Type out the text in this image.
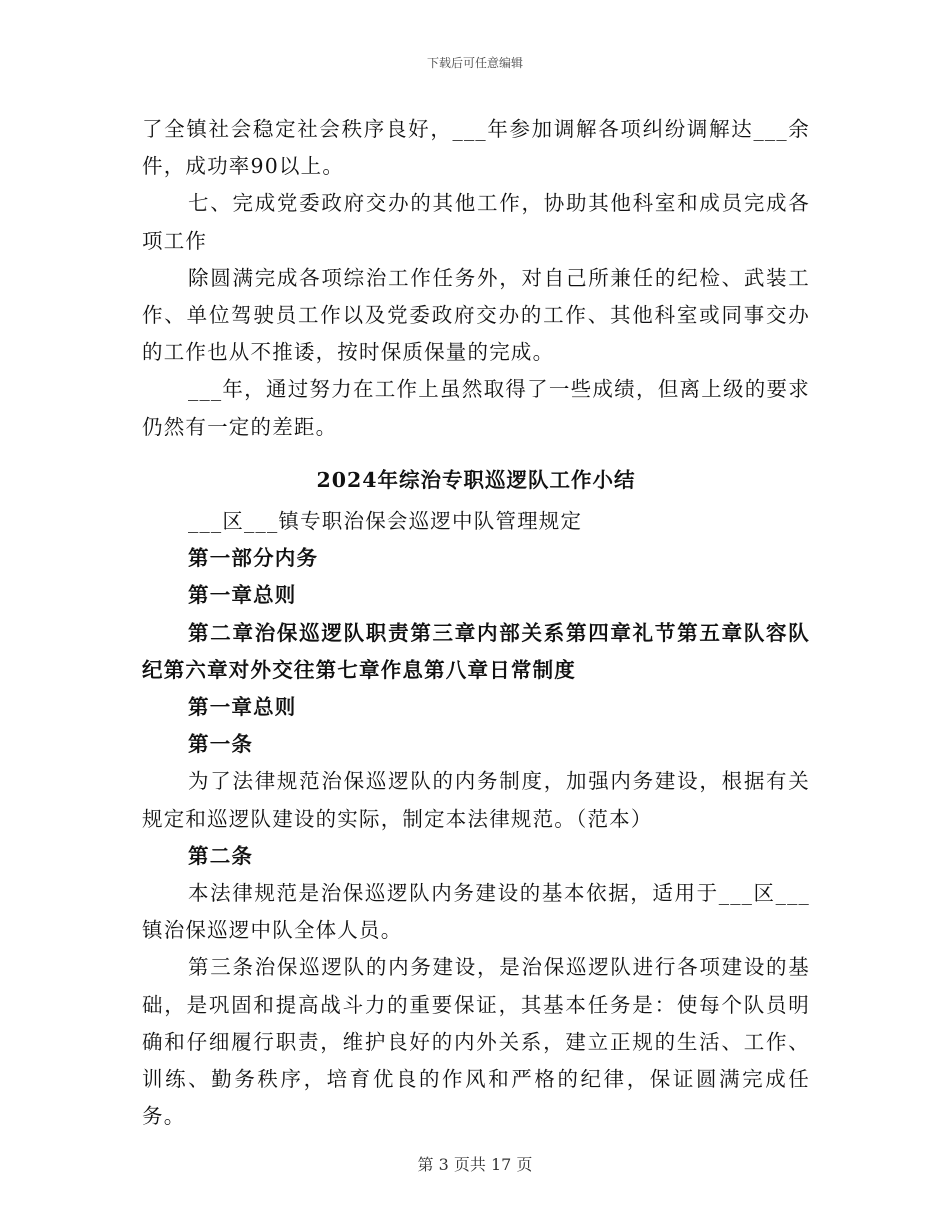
下载后可任意编辑

了全镇社会稳定社会秩序良好，___年参加调解各项纠纷调解达___余件，成功率90以上。

七、完成党委政府交办的其他工作，协助其他科室和成员完成各项工作

除圆满完成各项综治工作任务外，对自己所兼任的纪检、武装工作、单位驾驶员工作以及党委政府交办的工作、其他科室或同事交办的工作也从不推诿，按时保质保量的完成。

___年，通过努力在工作上虽然取得了一些成绩，但离上级的要求仍然有一定的差距。

2024年综治专职巡逻队工作小结

___区___镇专职治保会巡逻中队管理规定

第一部分内务

第一章总则

第二章治保巡逻队职责第三章内部关系第四章礼节第五章队容队纪第六章对外交往第七章作息第八章日常制度

第一章总则

第一条

为了法律规范治保巡逻队的内务制度，加强内务建设，根据有关规定和巡逻队建设的实际，制定本法律规范。（范本）

第二条

本法律规范是治保巡逻队内务建设的基本依据，适用于___区___镇治保巡逻中队全体人员。

第三条治保巡逻队的内务建设，是治保巡逻队进行各项建设的基础，是巩固和提高战斗力的重要保证，其基本任务是：使每个队员明确和仔细履行职责，维护良好的内外关系，建立正规的生活、工作、训练、勤务秩序，培育优良的作风和严格的纪律，保证圆满完成任务。

第 3 页共 17 页
